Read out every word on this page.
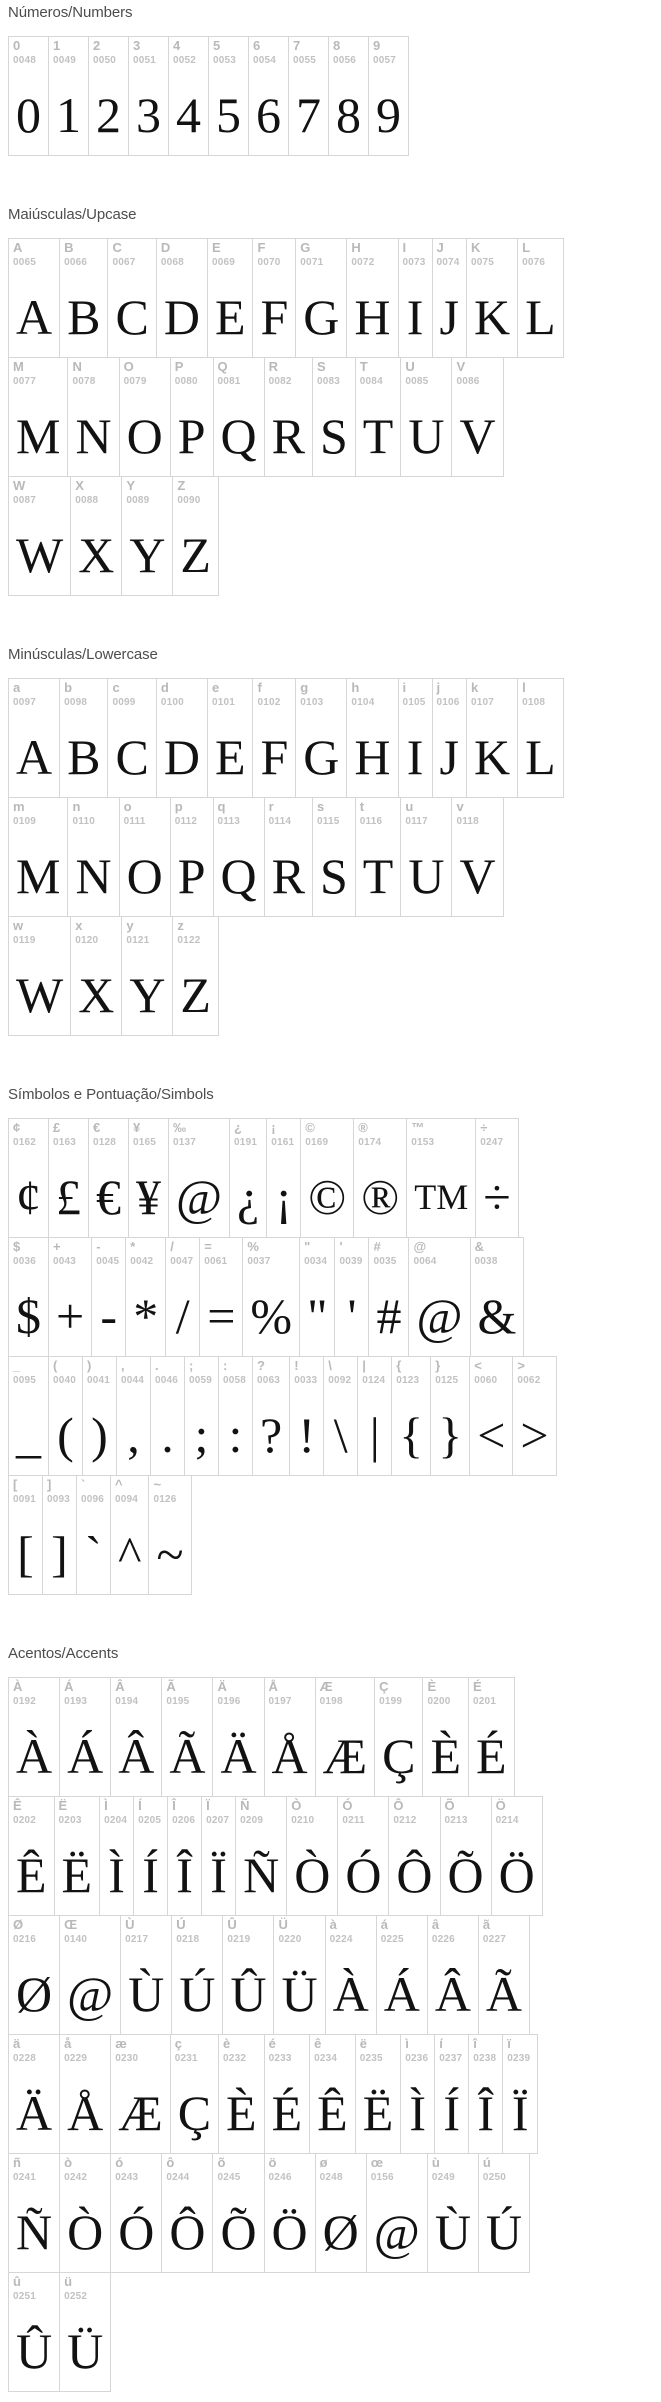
Números/Numbers
0
0048
0
1
0049
1
2
0050
2
3
0051
3
4
0052
4
5
0053
5
6
0054
6
7
0055
7
8
0056
8
9
0057
9
Maiúsculas/Upcase
A
0065
A
B
0066
B
C
0067
C
D
0068
D
E
0069
E
F
0070
F
G
0071
G
H
0072
H
I
0073
I
J
0074
J
K
0075
K
L
0076
L
M
0077
M
N
0078
N
O
0079
O
P
0080
P
Q
0081
Q
R
0082
R
S
0083
S
T
0084
T
U
0085
U
V
0086
V
W
0087
W
X
0088
X
Y
0089
Y
Z
0090
Z
Minúsculas/Lowercase
a
0097
A
b
0098
B
c
0099
C
d
0100
D
e
0101
E
f
0102
F
g
0103
G
h
0104
H
i
0105
I
j
0106
J
k
0107
K
l
0108
L
m
0109
M
n
0110
N
o
0111
O
p
0112
P
q
0113
Q
r
0114
R
s
0115
S
t
0116
T
u
0117
U
v
0118
V
w
0119
W
x
0120
X
y
0121
Y
z
0122
Z
Símbolos e Pontuação/Simbols
¢
0162
¢
£
0163
£
€
0128
€
¥
0165
¥
‰
0137
@
¿
0191
¿
¡
0161
¡
©
0169
©
®
0174
®
™
0153
TM
÷
0247
÷
$
0036
$
+
0043
+
-
0045
-
*
0042
*
/
0047
/
=
0061
=
%
0037
%
"
0034
"
'
0039
'
#
0035
#
@
0064
@
&
0038
&
_
0095
_
(
0040
(
)
0041
)
,
0044
,
.
0046
.
;
0059
;
:
0058
:
?
0063
?
!
0033
!
\
0092
\
|
0124
|
{
0123
{
}
0125
}
<
0060
<
>
0062
>
[
0091
[
]
0093
]
`
0096
`
^
0094
^
~
0126
~
Acentos/Accents
À
0192
À
Á
0193
Á
Â
0194
Â
Ã
0195
Ã
Ä
0196
Ä
Å
0197
Å
Æ
0198
Æ
Ç
0199
Ç
È
0200
È
É
0201
É
Ê
0202
Ê
Ë
0203
Ë
Ì
0204
Ì
Í
0205
Í
Î
0206
Î
Ï
0207
Ï
Ñ
0209
Ñ
Ò
0210
Ò
Ó
0211
Ó
Ô
0212
Ô
Õ
0213
Õ
Ö
0214
Ö
Ø
0216
Ø
Œ
0140
@
Ù
0217
Ù
Ú
0218
Ú
Û
0219
Û
Ü
0220
Ü
à
0224
À
á
0225
Á
â
0226
Â
ã
0227
Ã
ä
0228
Ä
å
0229
Å
æ
0230
Æ
ç
0231
Ç
è
0232
È
é
0233
É
ê
0234
Ê
ë
0235
Ë
ì
0236
Ì
í
0237
Í
î
0238
Î
ï
0239
Ï
ñ
0241
Ñ
ò
0242
Ò
ó
0243
Ó
ô
0244
Ô
õ
0245
Õ
ö
0246
Ö
ø
0248
Ø
œ
0156
@
ù
0249
Ù
ú
0250
Ú
û
0251
Û
ü
0252
Ü
